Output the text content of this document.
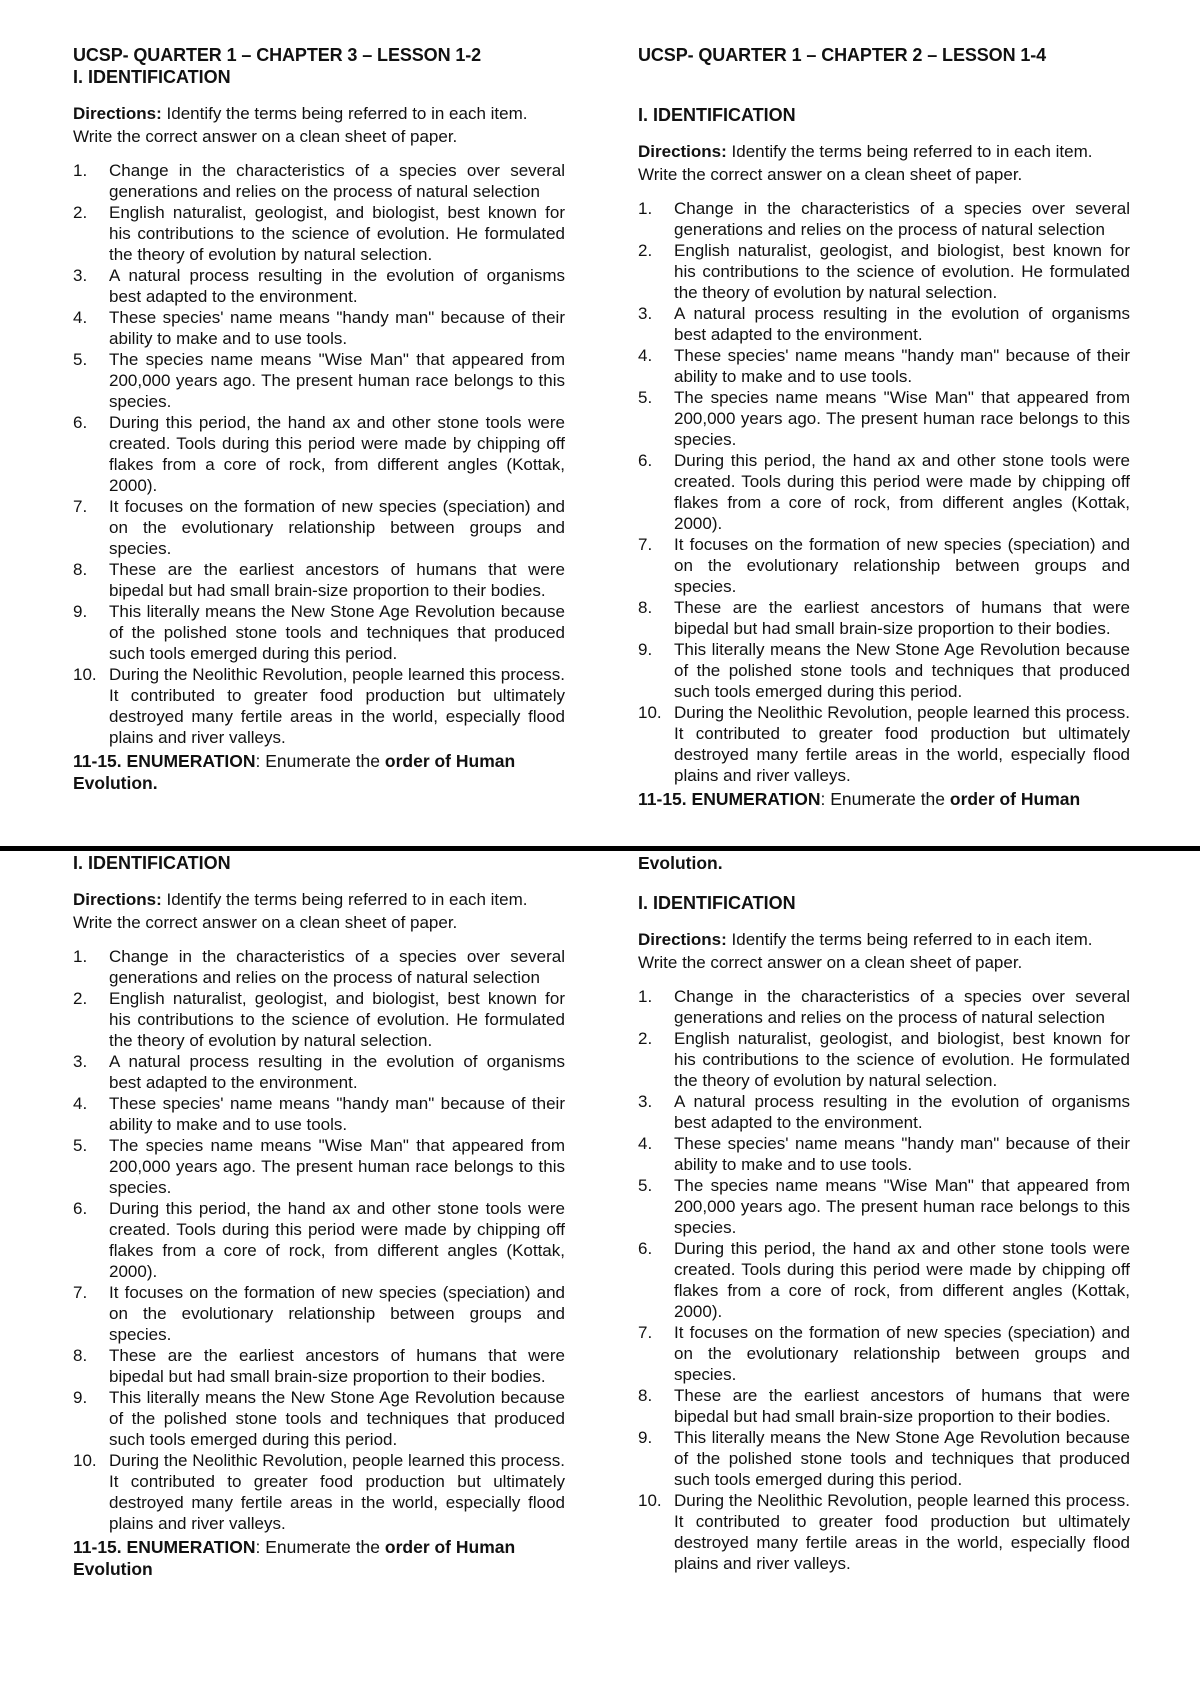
UCSP- QUARTER 1 – CHAPTER 3 – LESSON 1-2
I. IDENTIFICATION
Directions: Identify the terms being referred to in each item. Write the correct answer on a clean sheet of paper.
1.	Change in the characteristics of a species over several generations and relies on the process of natural selection
2.	English naturalist, geologist, and biologist, best known for his contributions to the science of evolution. He formulated the theory of evolution by natural selection.
3.	A natural process resulting in the evolution of organisms best adapted to the environment.
4.	These species' name means "handy man" because of their ability to make and to use tools.
5.	The species name means "Wise Man" that appeared from 200,000 years ago. The present human race belongs to this species.
6.	During this period, the hand ax and other stone tools were created. Tools during this period were made by chipping off flakes from a core of rock, from different angles (Kottak, 2000).
7.	It focuses on the formation of new species (speciation) and on the evolutionary relationship between groups and species.
8.	These are the earliest ancestors of humans that were bipedal but had small brain-size proportion to their bodies.
9.	This literally means the New Stone Age Revolution because of the polished stone tools and techniques that produced such tools emerged during this period.
10. During the Neolithic Revolution, people learned this process. It contributed to greater food production but ultimately destroyed many fertile areas in the world, especially flood plains and river valleys.
11-15. ENUMERATION: Enumerate the order of Human Evolution.
UCSP- QUARTER 1 – CHAPTER 2 – LESSON 1-4
I. IDENTIFICATION
Directions: Identify the terms being referred to in each item. Write the correct answer on a clean sheet of paper.
1.	Change in the characteristics of a species over several generations and relies on the process of natural selection
2.	English naturalist, geologist, and biologist, best known for his contributions to the science of evolution. He formulated the theory of evolution by natural selection.
3.	A natural process resulting in the evolution of organisms best adapted to the environment.
4.	These species' name means "handy man" because of their ability to make and to use tools.
5.	The species name means "Wise Man" that appeared from 200,000 years ago. The present human race belongs to this species.
6.	During this period, the hand ax and other stone tools were created. Tools during this period were made by chipping off flakes from a core of rock, from different angles (Kottak, 2000).
7.	It focuses on the formation of new species (speciation) and on the evolutionary relationship between groups and species.
8.	These are the earliest ancestors of humans that were bipedal but had small brain-size proportion to their bodies.
9.	This literally means the New Stone Age Revolution because of the polished stone tools and techniques that produced such tools emerged during this period.
10. During the Neolithic Revolution, people learned this process. It contributed to greater food production but ultimately destroyed many fertile areas in the world, especially flood plains and river valleys.
11-15. ENUMERATION: Enumerate the order of Human
Evolution.
I. IDENTIFICATION
Directions: Identify the terms being referred to in each item. Write the correct answer on a clean sheet of paper.
1.	Change in the characteristics of a species over several generations and relies on the process of natural selection
2.	English naturalist, geologist, and biologist, best known for his contributions to the science of evolution. He formulated the theory of evolution by natural selection.
3.	A natural process resulting in the evolution of organisms best adapted to the environment.
4.	These species' name means "handy man" because of their ability to make and to use tools.
5.	The species name means "Wise Man" that appeared from 200,000 years ago. The present human race belongs to this species.
6.	During this period, the hand ax and other stone tools were created. Tools during this period were made by chipping off flakes from a core of rock, from different angles (Kottak, 2000).
7.	It focuses on the formation of new species (speciation) and on the evolutionary relationship between groups and species.
8.	These are the earliest ancestors of humans that were bipedal but had small brain-size proportion to their bodies.
9.	This literally means the New Stone Age Revolution because of the polished stone tools and techniques that produced such tools emerged during this period.
10. During the Neolithic Revolution, people learned this process. It contributed to greater food production but ultimately destroyed many fertile areas in the world, especially flood plains and river valleys.
11-15. ENUMERATION: Enumerate the order of Human Evolution
I. IDENTIFICATION
Directions: Identify the terms being referred to in each item. Write the correct answer on a clean sheet of paper.
1.	Change in the characteristics of a species over several generations and relies on the process of natural selection
2.	English naturalist, geologist, and biologist, best known for his contributions to the science of evolution. He formulated the theory of evolution by natural selection.
3.	A natural process resulting in the evolution of organisms best adapted to the environment.
4.	These species' name means "handy man" because of their ability to make and to use tools.
5.	The species name means "Wise Man" that appeared from 200,000 years ago. The present human race belongs to this species.
6.	During this period, the hand ax and other stone tools were created. Tools during this period were made by chipping off flakes from a core of rock, from different angles (Kottak, 2000).
7.	It focuses on the formation of new species (speciation) and on the evolutionary relationship between groups and species.
8.	These are the earliest ancestors of humans that were bipedal but had small brain-size proportion to their bodies.
9.	This literally means the New Stone Age Revolution because of the polished stone tools and techniques that produced such tools emerged during this period.
10. During the Neolithic Revolution, people learned this process. It contributed to greater food production but ultimately destroyed many fertile areas in the world, especially flood plains and river valleys.
